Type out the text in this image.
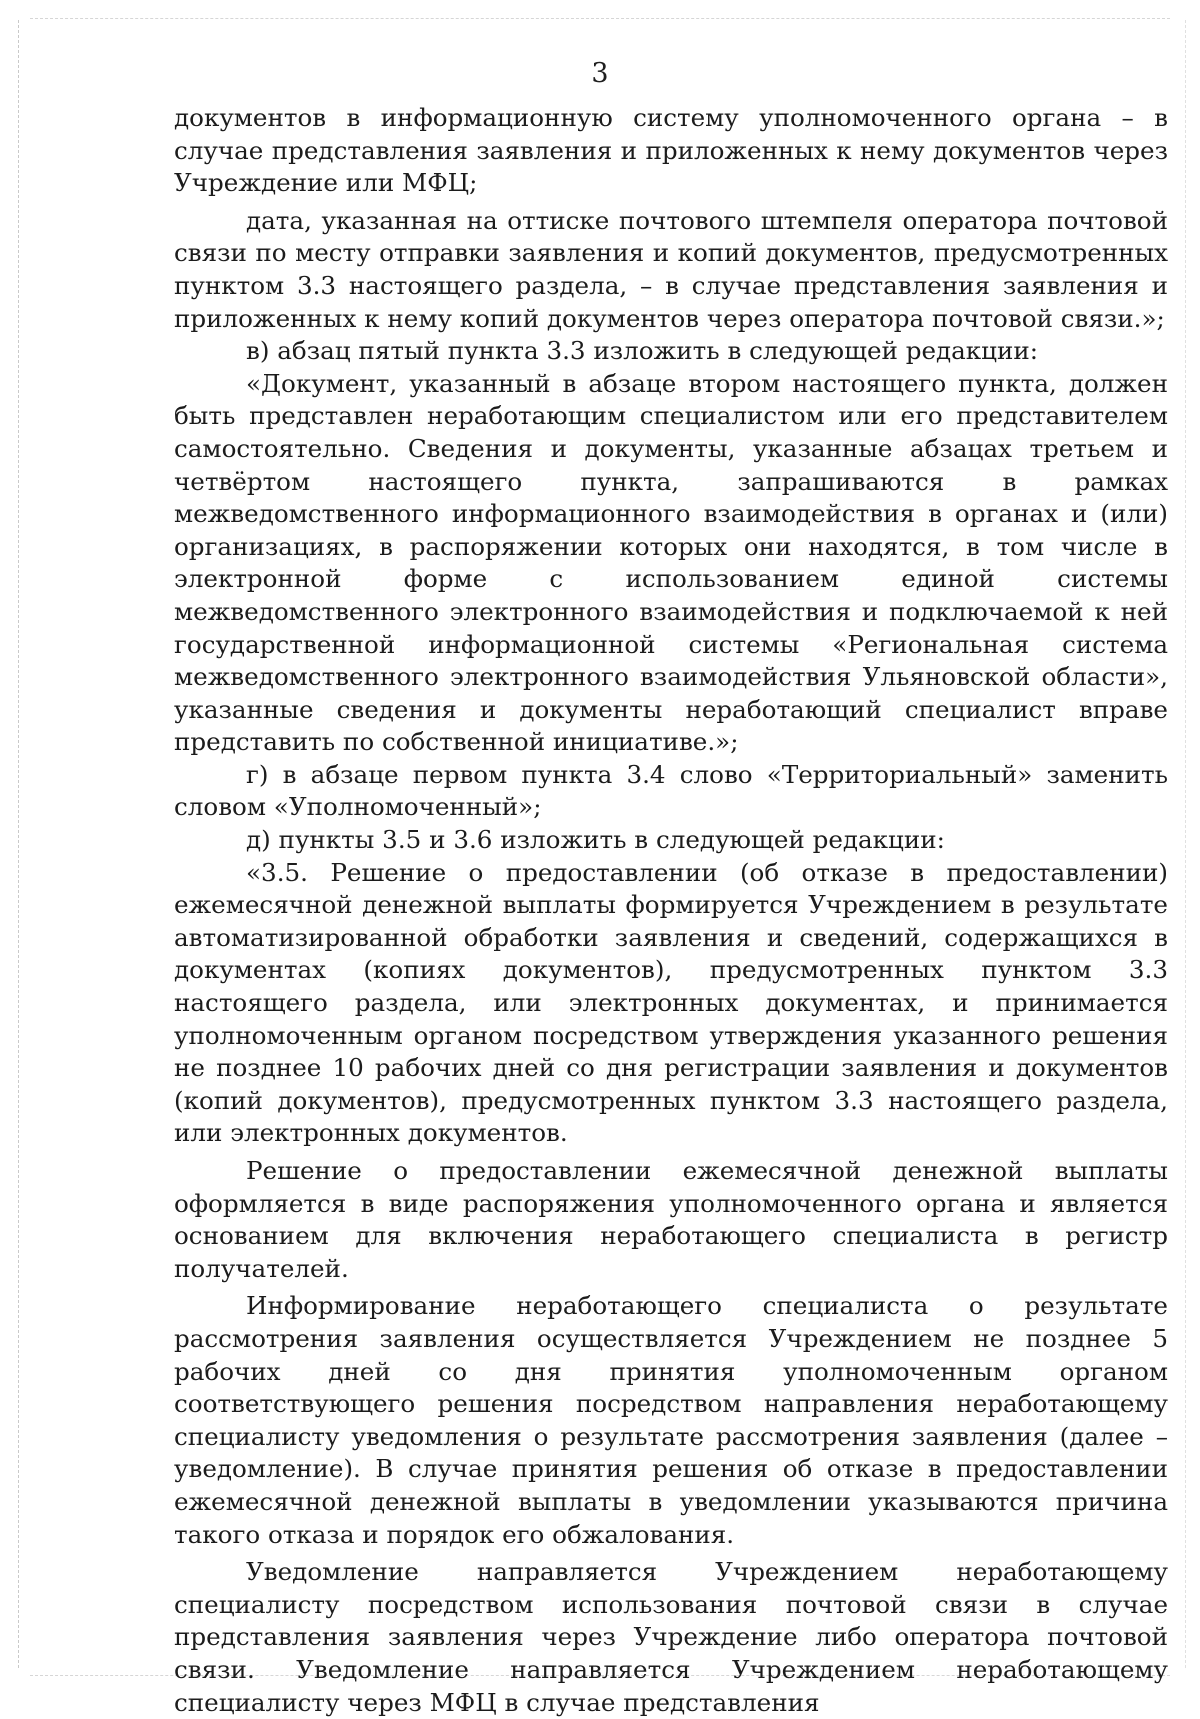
3

документов в информационную систему уполномоченного органа – в случае представления заявления и приложенных к нему документов через Учреждение или МФЦ;

дата, указанная на оттиске почтового штемпеля оператора почтовой связи по месту отправки заявления и копий документов, предусмотренных пунктом 3.3 настоящего раздела, – в случае представления заявления и приложенных к нему копий документов через оператора почтовой связи.»;

в) абзац пятый пункта 3.3 изложить в следующей редакции:

«Документ, указанный в абзаце втором настоящего пункта, должен быть представлен неработающим специалистом или его представителем самостоятельно. Сведения и документы, указанные абзацах третьем и четвёртом настоящего пункта, запрашиваются в рамках межведомственного информационного взаимодействия в органах и (или) организациях, в распоряжении которых они находятся, в том числе в электронной форме с использованием единой системы межведомственного электронного взаимодействия и подключаемой к ней государственной информационной системы «Региональная система межведомственного электронного взаимодействия Ульяновской области», указанные сведения и документы неработающий специалист вправе представить по собственной инициативе.»;

г) в абзаце первом пункта 3.4 слово «Территориальный» заменить словом «Уполномоченный»;

д) пункты 3.5 и 3.6 изложить в следующей редакции:

«3.5. Решение о предоставлении (об отказе в предоставлении) ежемесячной денежной выплаты формируется Учреждением в результате автоматизированной обработки заявления и сведений, содержащихся в документах (копиях документов), предусмотренных пунктом 3.3 настоящего раздела, или электронных документах, и принимается уполномоченным органом посредством утверждения указанного решения не позднее 10 рабочих дней со дня регистрации заявления и документов (копий документов), предусмотренных пунктом 3.3 настоящего раздела, или электронных документов.

Решение о предоставлении ежемесячной денежной выплаты оформляется в виде распоряжения уполномоченного органа и является основанием для включения неработающего специалиста в регистр получателей.

Информирование неработающего специалиста о результате рассмотрения заявления осуществляется Учреждением не позднее 5 рабочих дней со дня принятия уполномоченным органом соответствующего решения посредством направления неработающему специалисту уведомления о результате рассмотрения заявления (далее – уведомление). В случае принятия решения об отказе в предоставлении ежемесячной денежной выплаты в уведомлении указываются причина такого отказа и порядок его обжалования.

Уведомление направляется Учреждением неработающему специалисту посредством использования почтовой связи в случае представления заявления через Учреждение либо оператора почтовой связи. Уведомление направляется Учреждением неработающему специалисту через МФЦ в случае представления
